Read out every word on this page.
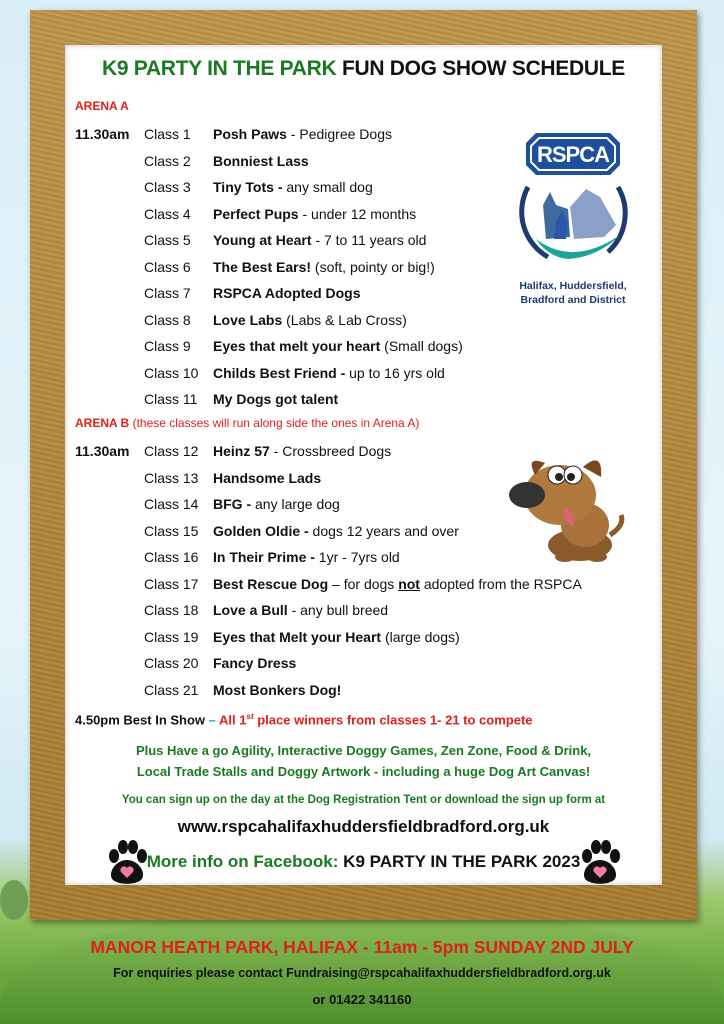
K9 PARTY IN THE PARK FUN DOG SHOW SCHEDULE
ARENA A
11.30am Class 1 Posh Paws - Pedigree Dogs
Class 2 Bonniest Lass
Class 3 Tiny Tots - any small dog
Class 4 Perfect Pups - under 12 months
Class 5 Young at Heart - 7 to 11 years old
Class 6 The Best Ears! (soft, pointy or big!)
Class 7 RSPCA Adopted Dogs
Class 8 Love Labs (Labs & Lab Cross)
Class 9 Eyes that melt your heart (Small dogs)
Class 10 Childs Best Friend - up to 16 yrs old
Class 11 My Dogs got talent
ARENA B (these classes will run along side the ones in Arena A)
11.30am Class 12 Heinz 57 - Crossbreed Dogs
Class 13 Handsome Lads
Class 14 BFG - any large dog
Class 15 Golden Oldie - dogs 12 years and over
Class 16 In Their Prime - 1yr - 7yrs old
Class 17 Best Rescue Dog – for dogs not adopted from the RSPCA
Class 18 Love a Bull - any bull breed
Class 19 Eyes that Melt your Heart (large dogs)
Class 20 Fancy Dress
Class 21 Most Bonkers Dog!
RSPCA
Halifax, Huddersfield,
Bradford and District
4.50pm Best In Show – All 1st place winners from classes 1- 21 to compete
Plus Have a go Agility, Interactive Doggy Games, Zen Zone, Food & Drink,
Local Trade Stalls and Doggy Artwork - including a huge Dog Art Canvas!
You can sign up on the day at the Dog Registration Tent or download the sign up form at
www.rspcahalifaxhuddersfieldbradford.org.uk
More info on Facebook: K9 PARTY IN THE PARK 2023
MANOR HEATH PARK, HALIFAX - 11am - 5pm SUNDAY 2ND JULY
For enquiries please contact Fundraising@rspcahalifaxhuddersfieldbradford.org.uk
or 01422 341160
